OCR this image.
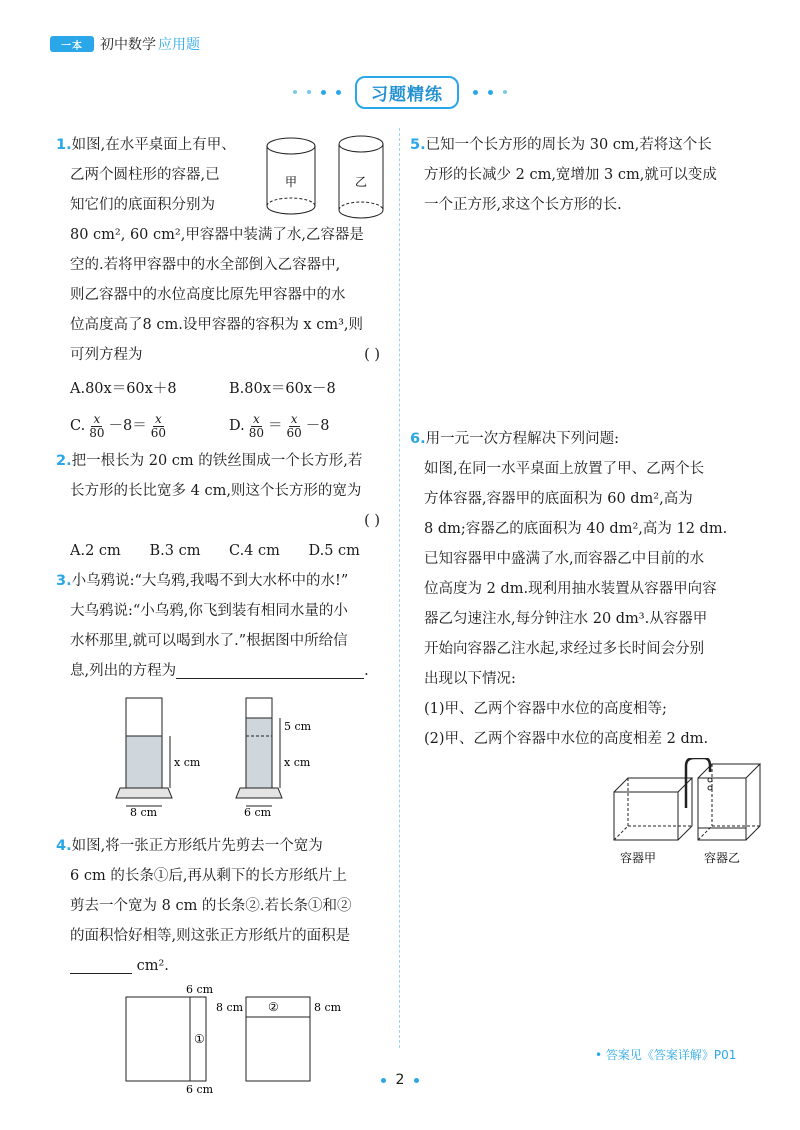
一本	初中数学 应用题
习题精练
甲	乙
1.如图,在水平桌面上有甲、
乙两个圆柱形的容器,已
知它们的底面积分别为
80 cm², 60 cm²,甲容器中装满了水,乙容器是
空的.若将甲容器中的水全部倒入乙容器中,
则乙容器中的水位高度比原先甲容器中的水
位高度高了8 cm.设甲容器的容积为 x cm³,则
可列方程为	( )
A.80x＝60x＋8	B.80x＝60x－8
C. $\frac{x}{80} -8= \frac{x}{60}$	D. $\frac{x}{80} = \frac{x}{60} -8$
2.把一根长为 20 cm 的铁丝围成一个长方形,若
长方形的长比宽多 4 cm,则这个长方形的宽为
( )
A.2 cm	B.3 cm	C.4 cm	D.5 cm
3.小乌鸦说:“大乌鸦,我喝不到大水杯中的水!”
大乌鸦说:“小乌鸦,你飞到装有相同水量的小
水杯那里,就可以喝到水了.”根据图中所给信
息,列出的方程为	.
x cm
8 cm
5 cm
x cm
6 cm
4.如图,将一张正方形纸片先剪去一个宽为
6 cm 的长条①后,再从剩下的长方形纸片上
剪去一个宽为 8 cm 的长条②.若长条①和②
的面积恰好相等,则这张正方形纸片的面积是
cm².
6 cm
6 cm
①
8 cm ②	8 cm
5.已知一个长方形的周长为 30 cm,若将这个长
方形的长减少 2 cm,宽增加 3 cm,就可以变成
一个正方形,求这个长方形的长.
6.用一元一次方程解决下列问题:
如图,在同一水平桌面上放置了甲、乙两个长
方体容器,容器甲的底面积为 60 dm²,高为
8 dm;容器乙的底面积为 40 dm²,高为 12 dm.
已知容器甲中盛满了水,而容器乙中目前的水
位高度为 2 dm.现利用抽水装置从容器甲向容
器乙匀速注水,每分钟注水 20 dm³.从容器甲
开始向容器乙注水起,求经过多长时间会分别
出现以下情况:
(1)甲、乙两个容器中水位的高度相等;
(2)甲、乙两个容器中水位的高度相差 2 dm.
容器甲	容器乙
• 答案见《答案详解》P01
2
